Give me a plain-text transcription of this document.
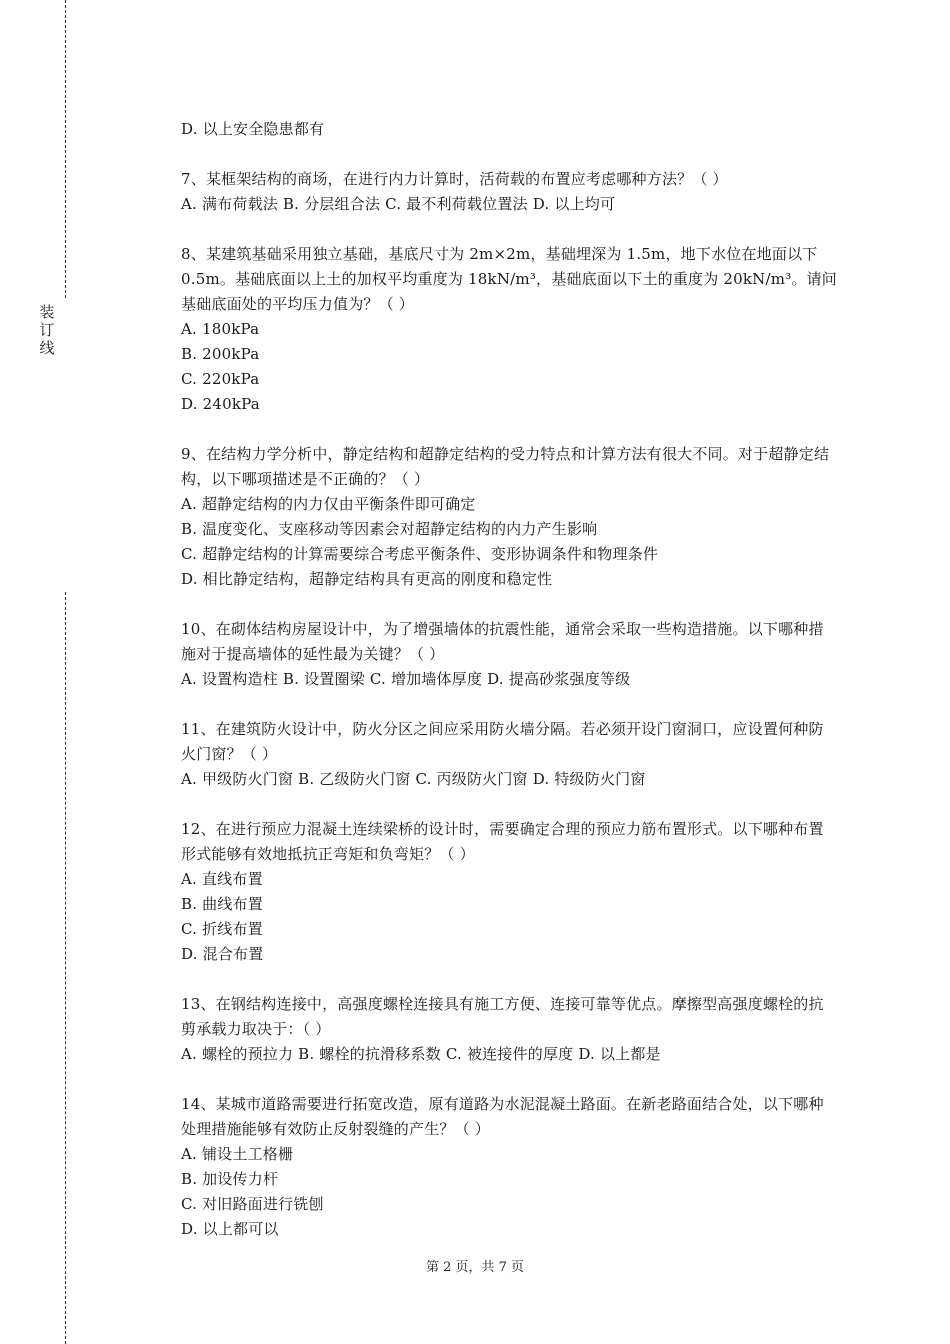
装
订
线

D. 以上安全隐患都有

7、某框架结构的商场，在进行内力计算时，活荷载的布置应考虑哪种方法？（ ）

A. 满布荷载法 B. 分层组合法 C. 最不利荷载位置法 D. 以上均可

8、某建筑基础采用独立基础，基底尺寸为 2m×2m，基础埋深为 1.5m，地下水位在地面以下 0.5m。基础底面以上土的加权平均重度为 18kN/m³，基础底面以下土的重度为 20kN/m³。请问基础底面处的平均压力值为？（ ）

A. 180kPa

B. 200kPa

C. 220kPa

D. 240kPa

9、在结构力学分析中，静定结构和超静定结构的受力特点和计算方法有很大不同。对于超静定结构，以下哪项描述是不正确的？（ ）

A. 超静定结构的内力仅由平衡条件即可确定

B. 温度变化、支座移动等因素会对超静定结构的内力产生影响

C. 超静定结构的计算需要综合考虑平衡条件、变形协调条件和物理条件

D. 相比静定结构，超静定结构具有更高的刚度和稳定性

10、在砌体结构房屋设计中，为了增强墙体的抗震性能，通常会采取一些构造措施。以下哪种措施对于提高墙体的延性最为关键？（ ）

A. 设置构造柱 B. 设置圈梁 C. 增加墙体厚度 D. 提高砂浆强度等级

11、在建筑防火设计中，防火分区之间应采用防火墙分隔。若必须开设门窗洞口，应设置何种防火门窗？（ ）

A. 甲级防火门窗 B. 乙级防火门窗 C. 丙级防火门窗 D. 特级防火门窗

12、在进行预应力混凝土连续梁桥的设计时，需要确定合理的预应力筋布置形式。以下哪种布置形式能够有效地抵抗正弯矩和负弯矩？（ ）

A. 直线布置

B. 曲线布置

C. 折线布置

D. 混合布置

13、在钢结构连接中，高强度螺栓连接具有施工方便、连接可靠等优点。摩擦型高强度螺栓的抗剪承载力取决于：（ ）

A. 螺栓的预拉力 B. 螺栓的抗滑移系数 C. 被连接件的厚度 D. 以上都是

14、某城市道路需要进行拓宽改造，原有道路为水泥混凝土路面。在新老路面结合处，以下哪种处理措施能够有效防止反射裂缝的产生？（ ）

A. 铺设土工格栅

B. 加设传力杆

C. 对旧路面进行铣刨

D. 以上都可以

第 2 页，共 7 页
